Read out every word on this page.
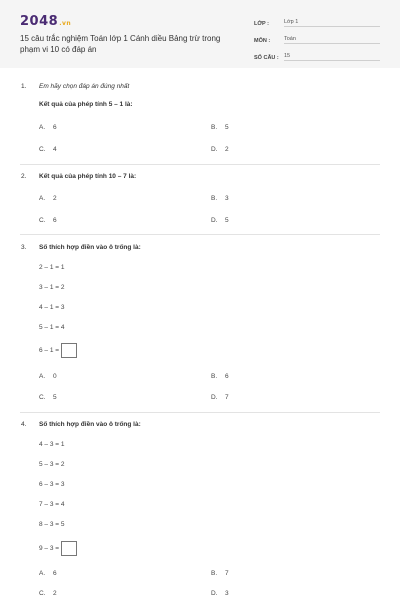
2048.vn
15 câu trắc nghiệm Toán lớp 1 Cánh diều Bảng trừ trong phạm vi 10 có đáp án
LỚP :	Lớp 1
MÔN :	Toán
SỐ CÂU : 15
1.	Em hãy chọn đáp án đúng nhất
Kết quả của phép tính 5 – 1 là:
A.	6	B.	5
C.	4	D.	2
2.	Kết quả của phép tính 10 – 7 là:
A.	2	B.	3
C.	6	D.	5
3.	Số thích hợp điền vào ô trống là:
2 – 1 = 1
3 – 1 = 2
4 – 1 = 3
5 – 1 = 4
6 – 1 =
A.	0	B.	6
C.	5	D.	7
4.	Số thích hợp điền vào ô trống là:
4 – 3 = 1
5 – 3 = 2
6 – 3 = 3
7 – 3 = 4
8 – 3 = 5
9 – 3 =
A.	6	B.	7
C.	2	D.	3
